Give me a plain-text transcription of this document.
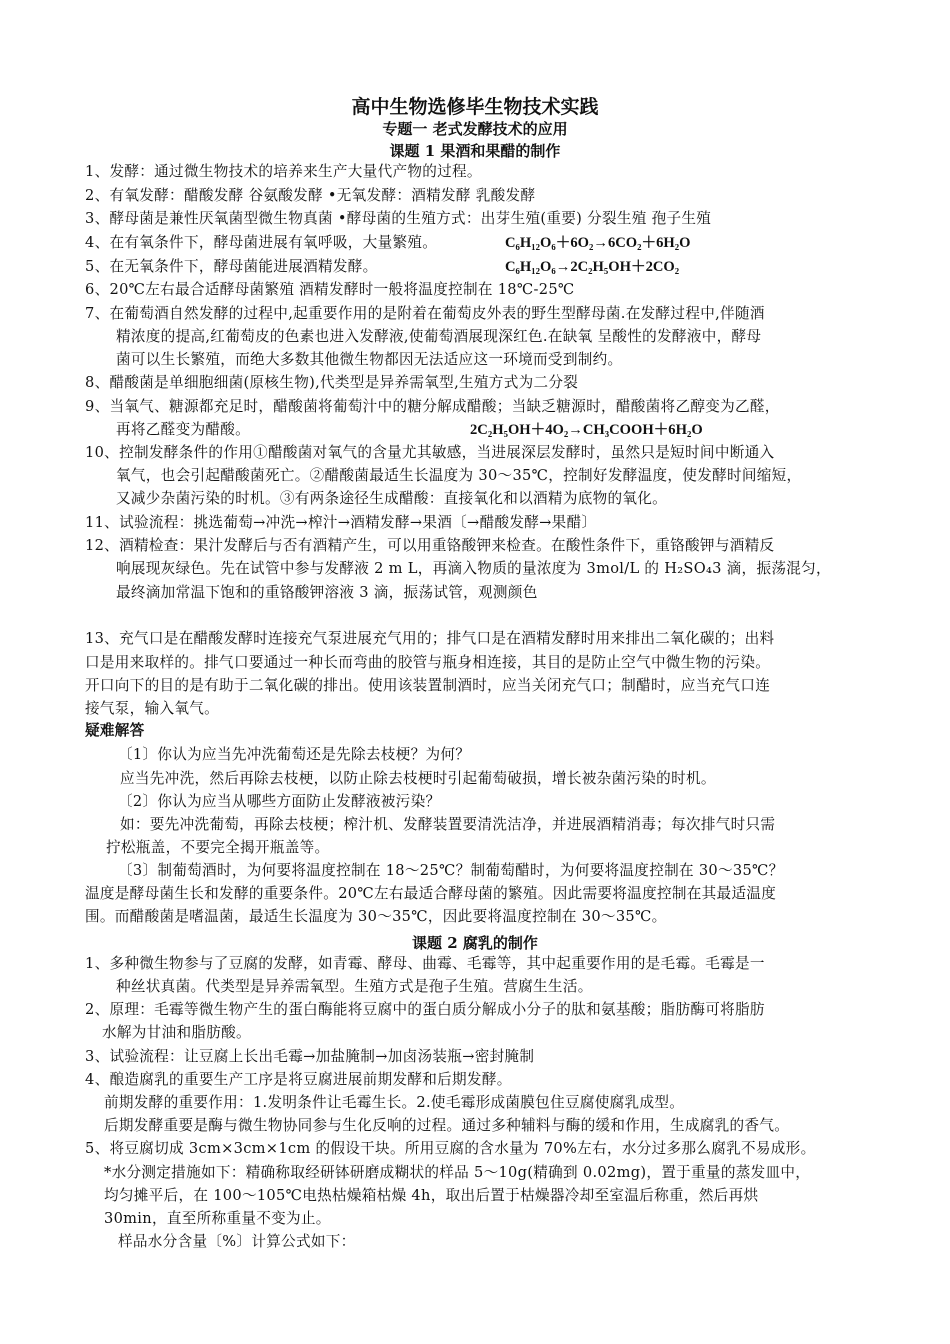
高中生物选修毕生物技术实践
专题一 老式发酵技术的应用
课题 1 果酒和果醋的制作
1、发酵：通过微生物技术的培养来生产大量代产物的过程。
2、有氧发酵：醋酸发酵 谷氨酸发酵 •无氧发酵：酒精发酵 乳酸发酵
3、酵母菌是兼性厌氧菌型微生物真菌 •酵母菌的生殖方式：出芽生殖(重要) 分裂生殖 孢子生殖
4、在有氧条件下，酵母菌进展有氧呼吸，大量繁殖。	C₆H₁₂O₆＋6O₂→6CO₂＋6H₂O
5、在无氧条件下，酵母菌能进展酒精发酵。	C₆H₁₂O₆→2C₂H₅OH＋2CO₂
6、20℃左右最合适酵母菌繁殖 酒精发酵时一般将温度控制在 18℃-25℃
7、在葡萄酒自然发酵的过程中,起重要作用的是附着在葡萄皮外表的野生型酵母菌.在发酵过程中,伴随酒
精浓度的提高,红葡萄皮的色素也进入发酵液,使葡萄酒展现深红色.在缺氧 呈酸性的发酵液中，酵母
菌可以生长繁殖，而绝大多数其他微生物都因无法适应这一环境而受到制约。
8、醋酸菌是单细胞细菌(原核生物),代类型是异养需氧型,生殖方式为二分裂
9、当氧气、糖源都充足时，醋酸菌将葡萄汁中的糖分解成醋酸；当缺乏糖源时，醋酸菌将乙醇变为乙醛，
再将乙醛变为醋酸。	2C₂H₅OH＋4O₂→CH₃COOH＋6H₂O
10、控制发酵条件的作用①醋酸菌对氧气的含量尤其敏感，当进展深层发酵时，虽然只是短时间中断通入
氧气，也会引起醋酸菌死亡。②醋酸菌最适生长温度为 30～35℃，控制好发酵温度，使发酵时间缩短，
又减少杂菌污染的时机。③有两条途径生成醋酸：直接氧化和以酒精为底物的氧化。
11、试验流程：挑选葡萄→冲洗→榨汁→酒精发酵→果酒〔→醋酸发酵→果醋〕
12、酒精检查：果汁发酵后与否有酒精产生，可以用重铬酸钾来检查。在酸性条件下，重铬酸钾与酒精反
响展现灰绿色。先在试管中参与发酵液 2 m L，再滴入物质的量浓度为 3mol/L 的 H₂SO₄3 滴，振荡混匀，
最终滴加常温下饱和的重铬酸钾溶液 3 滴，振荡试管，观测颜色
13、充气口是在醋酸发酵时连接充气泵进展充气用的；排气口是在酒精发酵时用来排出二氧化碳的；出料
口是用来取样的。排气口要通过一种长而弯曲的胶管与瓶身相连接，其目的是防止空气中微生物的污染。
开口向下的目的是有助于二氧化碳的排出。使用该装置制酒时，应当关闭充气口；制醋时，应当充气口连
接气泵，输入氧气。
疑难解答
〔1〕你认为应当先冲洗葡萄还是先除去枝梗？为何？
应当先冲洗，然后再除去枝梗，以防止除去枝梗时引起葡萄破损，增长被杂菌污染的时机。
〔2〕你认为应当从哪些方面防止发酵液被污染？
如：要先冲洗葡萄，再除去枝梗；榨汁机、发酵装置要清洗洁净，并进展酒精消毒；每次排气时只需
拧松瓶盖，不要完全揭开瓶盖等。
〔3〕制葡萄酒时，为何要将温度控制在 18～25℃？制葡萄醋时，为何要将温度控制在 30～35℃？
温度是酵母菌生长和发酵的重要条件。20℃左右最适合酵母菌的繁殖。因此需要将温度控制在其最适温度
围。而醋酸菌是嗜温菌，最适生长温度为 30～35℃，因此要将温度控制在 30～35℃。
课题 2 腐乳的制作
1、多种微生物参与了豆腐的发酵，如青霉、酵母、曲霉、毛霉等，其中起重要作用的是毛霉。毛霉是一
种丝状真菌。代类型是异养需氧型。生殖方式是孢子生殖。营腐生生活。
2、原理：毛霉等微生物产生的蛋白酶能将豆腐中的蛋白质分解成小分子的肽和氨基酸；脂肪酶可将脂肪
水解为甘油和脂肪酸。
3、试验流程：让豆腐上长出毛霉→加盐腌制→加卤汤装瓶→密封腌制
4、酿造腐乳的重要生产工序是将豆腐进展前期发酵和后期发酵。
前期发酵的重要作用：1.发明条件让毛霉生长。2.使毛霉形成菌膜包住豆腐使腐乳成型。
后期发酵重要是酶与微生物协同参与生化反响的过程。通过多种辅料与酶的缓和作用，生成腐乳的香气。
5、将豆腐切成 3cm×3cm×1cm 的假设干块。所用豆腐的含水量为 70%左右，水分过多那么腐乳不易成形。
*水分测定措施如下：精确称取经研钵研磨成糊状的样品 5～10g(精确到 0.02mg)，置于重量的蒸发皿中，
均匀摊平后，在 100～105℃电热枯燥箱枯燥 4h，取出后置于枯燥器冷却至室温后称重，然后再烘
30min，直至所称重量不变为止。
样品水分含量〔%〕计算公式如下：
